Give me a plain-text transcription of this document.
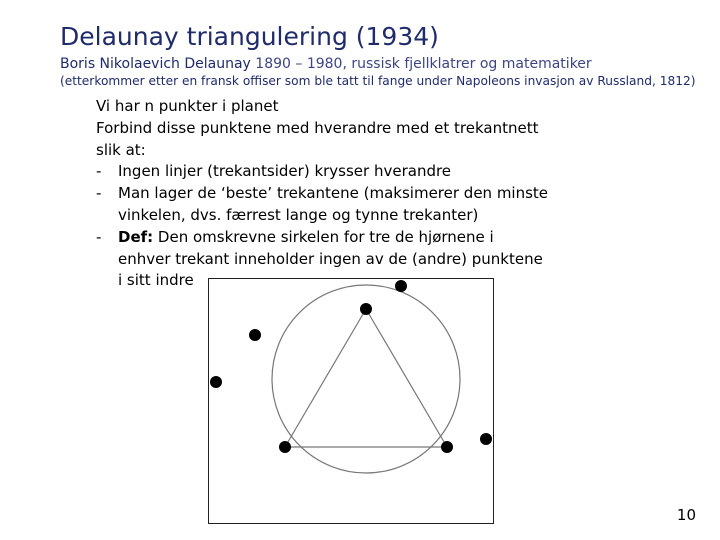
Delaunay triangulering (1934)
Boris Nikolaevich Delaunay 1890 – 1980, russisk fjellklatrer og matematiker
(etterkommer etter en fransk offiser som ble tatt til fange under Napoleons invasjon av Russland, 1812)
Vi har n punkter i planet
Forbind disse punktene med hverandre med et trekantnett
slik at:
- Ingen linjer (trekantsider) krysser hverandre
- Man lager de ‘beste’ trekantene (maksimerer den minste
vinkelen, dvs. færrest lange og tynne trekanter)
- Def: Den omskrevne sirkelen for tre de hjørnene i
enhver trekant inneholder ingen av de (andre) punktene
i sitt indre
10
